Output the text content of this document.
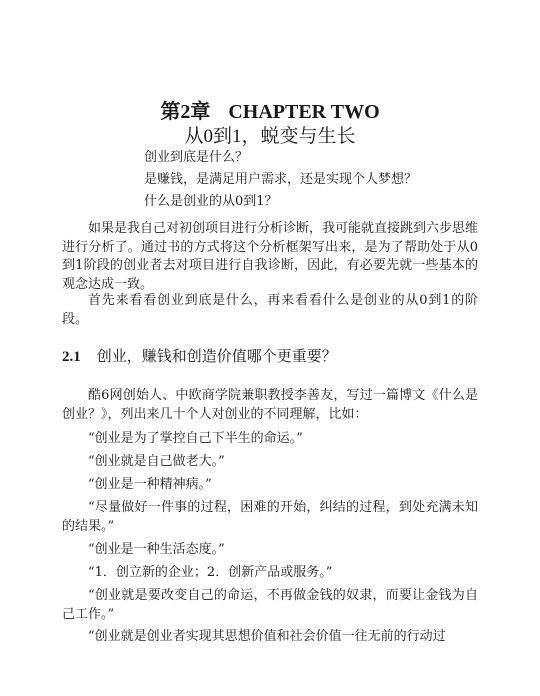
第2章 CHAPTER TWO
从0到1，蜕变与生长
创业到底是什么？
是赚钱，是满足用户需求，还是实现个人梦想？
什么是创业的从0到1？

如果是我自己对初创项目进行分析诊断，我可能就直接跳到六步思维进行分析了。通过书的方式将这个分析框架写出来，是为了帮助处于从0到1阶段的创业者去对项目进行自我诊断，因此，有必要先就一些基本的观念达成一致。

首先来看看创业到底是什么，再来看看什么是创业的从0到1的阶段。

2.1 创业，赚钱和创造价值哪个更重要？

酷6网创始人、中欧商学院兼职教授李善友，写过一篇博文《什么是创业？》，列出来几十个人对创业的不同理解，比如：

“创业是为了掌控自己下半生的命运。”

“创业就是自己做老大。”

“创业是一种精神病。”

“尽量做好一件事的过程，困难的开始，纠结的过程，到处充满未知的结果。”

“创业是一种生活态度。”

“1．创立新的企业；2．创新产品或服务。”

“创业就是要改变自己的命运，不再做金钱的奴隶，而要让金钱为自己工作。”

“创业就是创业者实现其思想价值和社会价值一往无前的行动过
